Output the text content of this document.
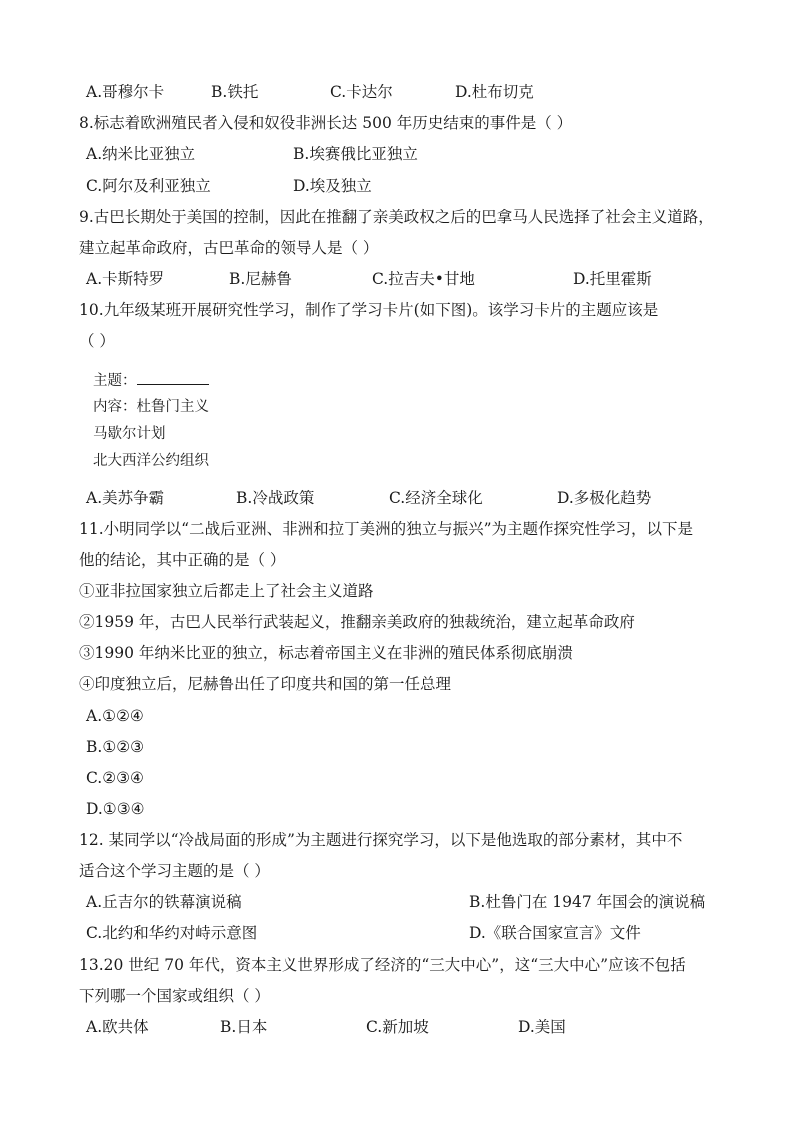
A.哥穆尔卡	B.铁托	C.卡达尔	D.杜布切克
8.标志着欧洲殖民者入侵和奴役非洲长达 500 年历史结束的事件是（ ）
A.纳米比亚独立	B.埃赛俄比亚独立
C.阿尔及利亚独立	D.埃及独立
9.古巴长期处于美国的控制，因此在推翻了亲美政权之后的巴拿马人民选择了社会主义道路，
建立起革命政府，古巴革命的领导人是（ ）
A.卡斯特罗	B.尼赫鲁	C.拉吉夫•甘地	D.托里霍斯
10.九年级某班开展研究性学习，制作了学习卡片(如下图)。该学习卡片的主题应该是
（ ）
主题：
内容：杜鲁门主义
马歇尔计划
北大西洋公约组织
A.美苏争霸	B.冷战政策	C.经济全球化	D.多极化趋势
11.小明同学以“二战后亚洲、非洲和拉丁美洲的独立与振兴”为主题作探究性学习，以下是
他的结论，其中正确的是（ ）
①亚非拉国家独立后都走上了社会主义道路
②1959 年，古巴人民举行武装起义，推翻亲美政府的独裁统治，建立起革命政府
③1990 年纳米比亚的独立，标志着帝国主义在非洲的殖民体系彻底崩溃
④印度独立后，尼赫鲁出任了印度共和国的第一任总理
A.①②④
B.①②③
C.②③④
D.①③④
12. 某同学以“冷战局面的形成”为主题进行探究学习，以下是他选取的部分素材，其中不
适合这个学习主题的是（ ）
A.丘吉尔的铁幕演说稿	B.杜鲁门在 1947 年国会的演说稿
C.北约和华约对峙示意图	D.《联合国家宣言》文件
13.20 世纪 70 年代，资本主义世界形成了经济的“三大中心”，这“三大中心”应该不包括
下列哪一个国家或组织（ ）
A.欧共体	B.日本	C.新加坡	D.美国
